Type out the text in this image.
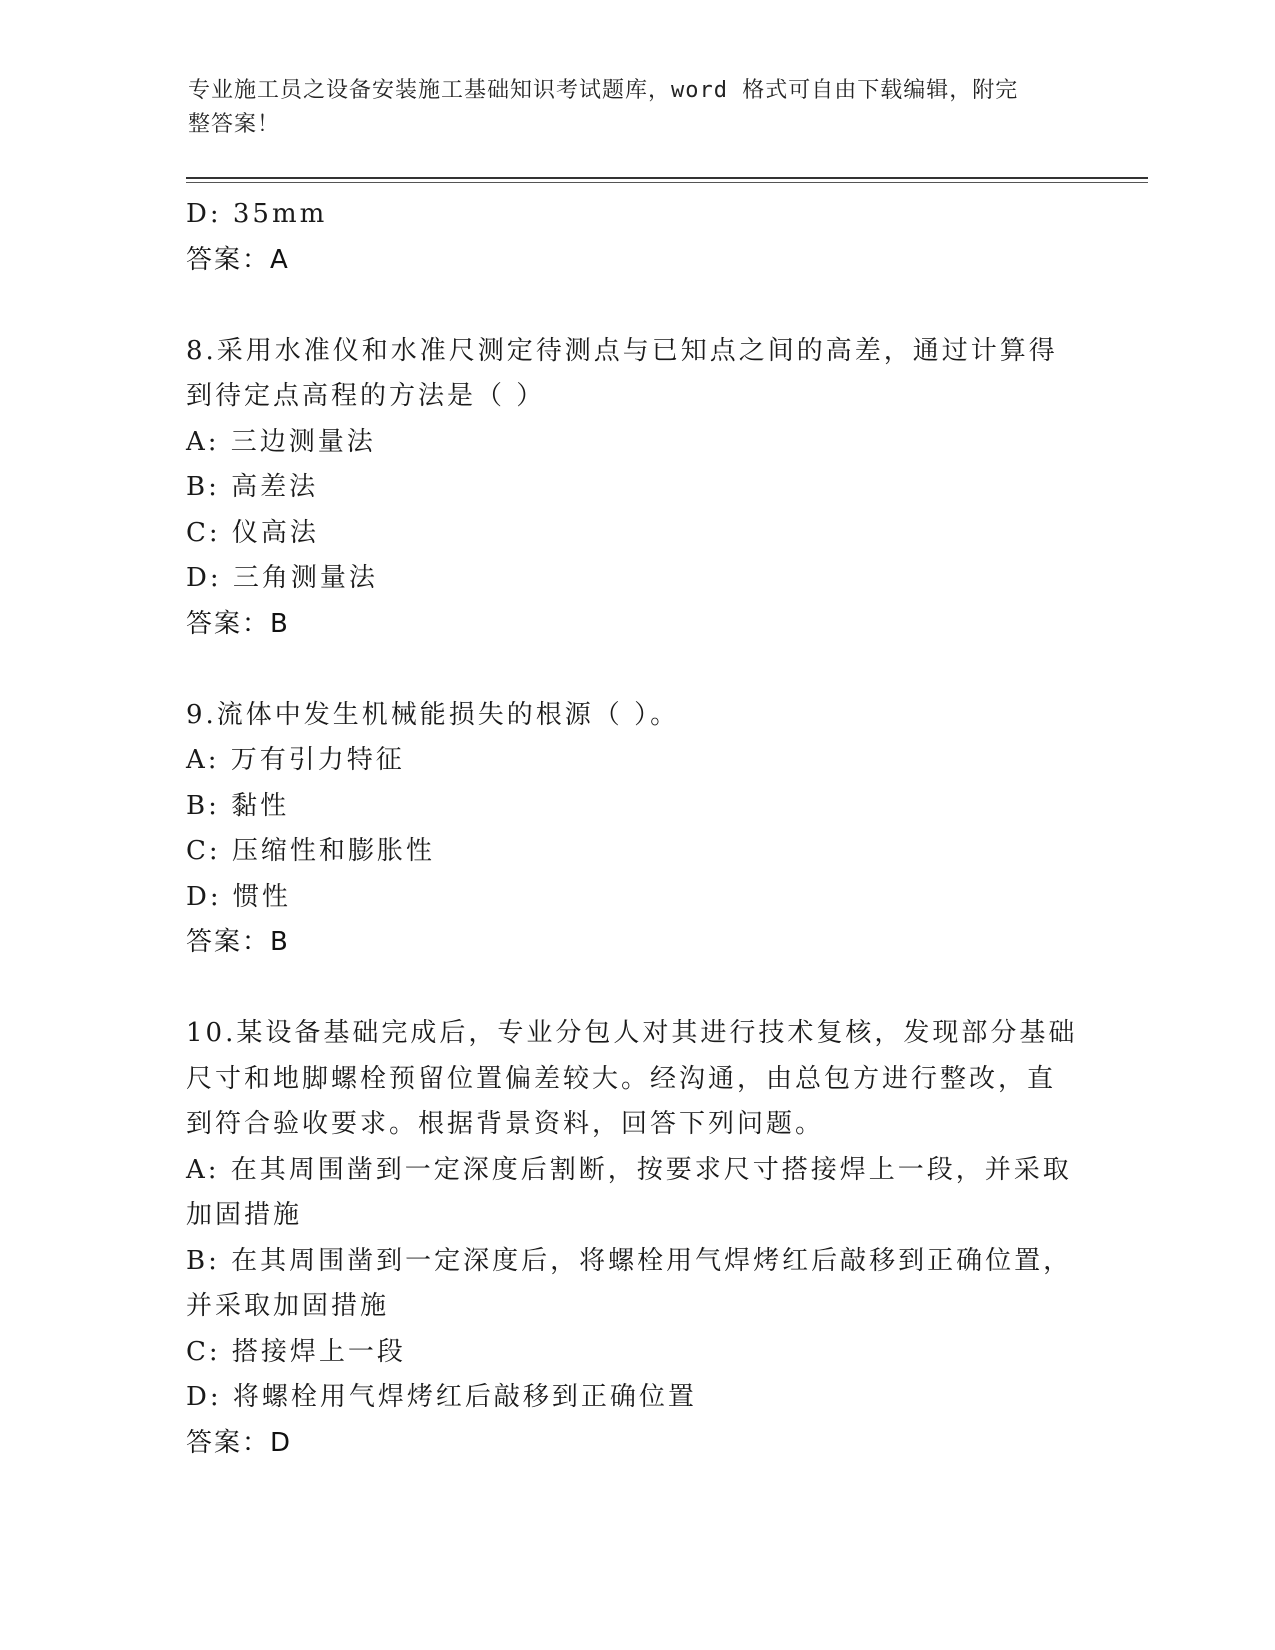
专业施工员之设备安装施工基础知识考试题库，word 格式可自由下载编辑，附完
整答案！
D: 35mm
答案：A
8.采用水准仪和水准尺测定待测点与已知点之间的高差，通过计算得
到待定点高程的方法是（ ）
A: 三边测量法
B: 高差法
C: 仪高法
D: 三角测量法
答案：B
9.流体中发生机械能损失的根源（ ）。
A: 万有引力特征
B: 黏性
C: 压缩性和膨胀性
D: 惯性
答案：B
10.某设备基础完成后，专业分包人对其进行技术复核，发现部分基础
尺寸和地脚螺栓预留位置偏差较大。经沟通，由总包方进行整改，直
到符合验收要求。根据背景资料，回答下列问题。
A: 在其周围凿到一定深度后割断，按要求尺寸搭接焊上一段，并采取
加固措施
B: 在其周围凿到一定深度后，将螺栓用气焊烤红后敲移到正确位置，
并采取加固措施
C: 搭接焊上一段
D: 将螺栓用气焊烤红后敲移到正确位置
答案：D
